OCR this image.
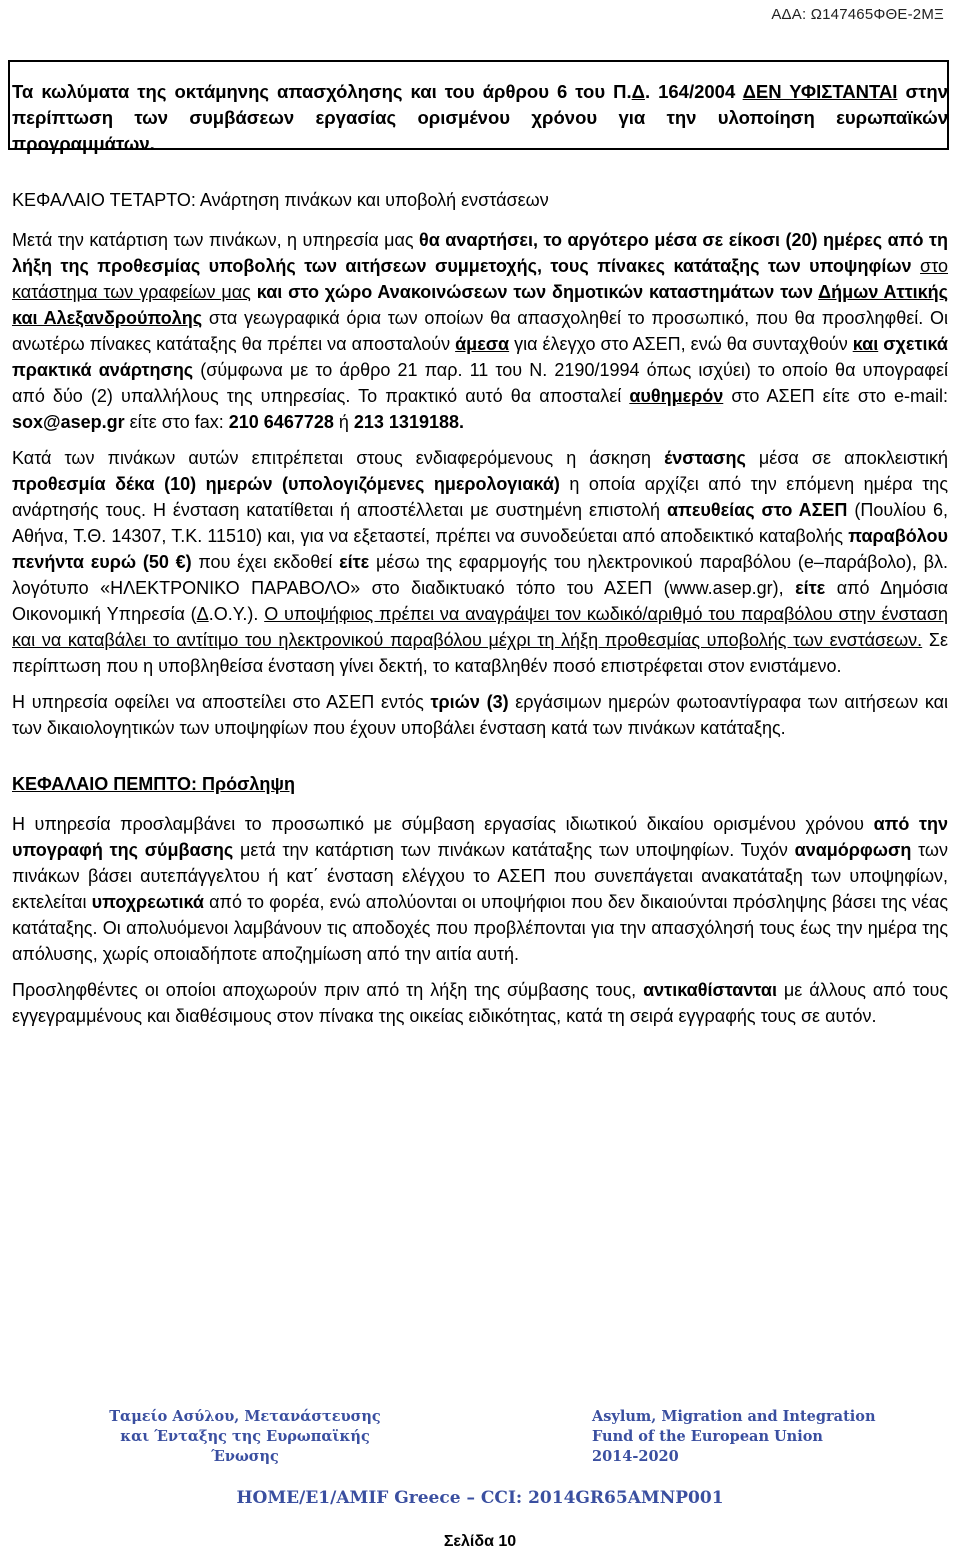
ΑΔΑ: Ω147465ΦΘΕ-2ΜΞ
Τα κωλύματα της οκτάμηνης απασχόλησης και του άρθρου 6 του Π.Δ. 164/2004 ΔΕΝ ΥΦΙΣΤΑΝΤΑΙ στην περίπτωση των συμβάσεων εργασίας ορισμένου χρόνου για την υλοποίηση ευρωπαϊκών προγραμμάτων.

ΚΕΦΑΛΑΙΟ ΤΕΤΑΡΤΟ: Ανάρτηση πινάκων και υποβολή ενστάσεων

Μετά την κατάρτιση των πινάκων, η υπηρεσία μας θα αναρτήσει, το αργότερο μέσα σε είκοσι (20) ημέρες από τη λήξη της προθεσμίας υποβολής των αιτήσεων συμμετοχής, τους πίνακες κατάταξης των υποψηφίων στο κατάστημα των γραφείων μας και στο χώρο Ανακοινώσεων των δημοτικών καταστημάτων των Δήμων Αττικής και Αλεξανδρούπολης στα γεωγραφικά όρια των οποίων θα απασχοληθεί το προσωπικό, που θα προσληφθεί. Οι ανωτέρω πίνακες κατάταξης θα πρέπει να αποσταλούν άμεσα για έλεγχο στο ΑΣΕΠ, ενώ θα συνταχθούν και σχετικά πρακτικά ανάρτησης (σύμφωνα με το άρθρο 21 παρ. 11 του Ν. 2190/1994 όπως ισχύει) το οποίο θα υπογραφεί από δύο (2) υπαλλήλους της υπηρεσίας. Το πρακτικό αυτό θα αποσταλεί αυθημερόν στο ΑΣΕΠ είτε στο e-mail: sox@asep.gr είτε στο fax: 210 6467728 ή 213 1319188.

Κατά των πινάκων αυτών επιτρέπεται στους ενδιαφερόμενους η άσκηση ένστασης μέσα σε αποκλειστική προθεσμία δέκα (10) ημερών (υπολογιζόμενες ημερολογιακά) η οποία αρχίζει από την επόμενη ημέρα της ανάρτησής τους. Η ένσταση κατατίθεται ή αποστέλλεται με συστημένη επιστολή απευθείας στο ΑΣΕΠ (Πουλίου 6, Αθήνα, Τ.Θ. 14307, Τ.Κ. 11510) και, για να εξεταστεί, πρέπει να συνοδεύεται από αποδεικτικό καταβολής παραβόλου πενήντα ευρώ (50 €) που έχει εκδοθεί είτε μέσω της εφαρμογής του ηλεκτρονικού παραβόλου (e–παράβολο), βλ. λογότυπο «ΗΛΕΚΤΡΟΝΙΚΟ ΠΑΡΑΒΟΛΟ» στο διαδικτυακό τόπο του ΑΣΕΠ (www.asep.gr), είτε από Δημόσια Οικονομική Υπηρεσία (Δ.Ο.Υ.). Ο υποψήφιος πρέπει να αναγράψει τον κωδικό/αριθμό του παραβόλου στην ένσταση και να καταβάλει το αντίτιμο του ηλεκτρονικού παραβόλου μέχρι τη λήξη προθεσμίας υποβολής των ενστάσεων. Σε περίπτωση που η υποβληθείσα ένσταση γίνει δεκτή, το καταβληθέν ποσό επιστρέφεται στον ενιστάμενο.

Η υπηρεσία οφείλει να αποστείλει στο ΑΣΕΠ εντός τριών (3) εργάσιμων ημερών φωτοαντίγραφα των αιτήσεων και των δικαιολογητικών των υποψηφίων που έχουν υποβάλει ένσταση κατά των πινάκων κατάταξης.

ΚΕΦΑΛΑΙΟ ΠΕΜΠΤΟ: Πρόσληψη

Η υπηρεσία προσλαμβάνει το προσωπικό με σύμβαση εργασίας ιδιωτικού δικαίου ορισμένου χρόνου από την υπογραφή της σύμβασης μετά την κατάρτιση των πινάκων κατάταξης των υποψηφίων. Τυχόν αναμόρφωση των πινάκων βάσει αυτεπάγγελτου ή κατ΄ ένσταση ελέγχου το ΑΣΕΠ που συνεπάγεται ανακατάταξη των υποψηφίων, εκτελείται υποχρεωτικά από το φορέα, ενώ απολύονται οι υποψήφιοι που δεν δικαιούνται πρόσληψης βάσει της νέας κατάταξης. Οι απολυόμενοι λαμβάνουν τις αποδοχές που προβλέπονται για την απασχόλησή τους έως την ημέρα της απόλυσης, χωρίς οποιαδήποτε αποζημίωση από την αιτία αυτή.

Προσληφθέντες οι οποίοι αποχωρούν πριν από τη λήξη της σύμβασης τους, αντικαθίστανται με άλλους από τους εγγεγραμμένους και διαθέσιμους στον πίνακα της οικείας ειδικότητας, κατά τη σειρά εγγραφής τους σε αυτόν.

Ταμείο Ασύλου, Μετανάστευσης
και Ένταξης της Ευρωπαϊκής
Ένωσης
Asylum, Migration and Integration
Fund of the European Union
2014-2020
HOME/E1/AMIF Greece – CCI: 2014GR65AMNP001
Σελίδα 10
